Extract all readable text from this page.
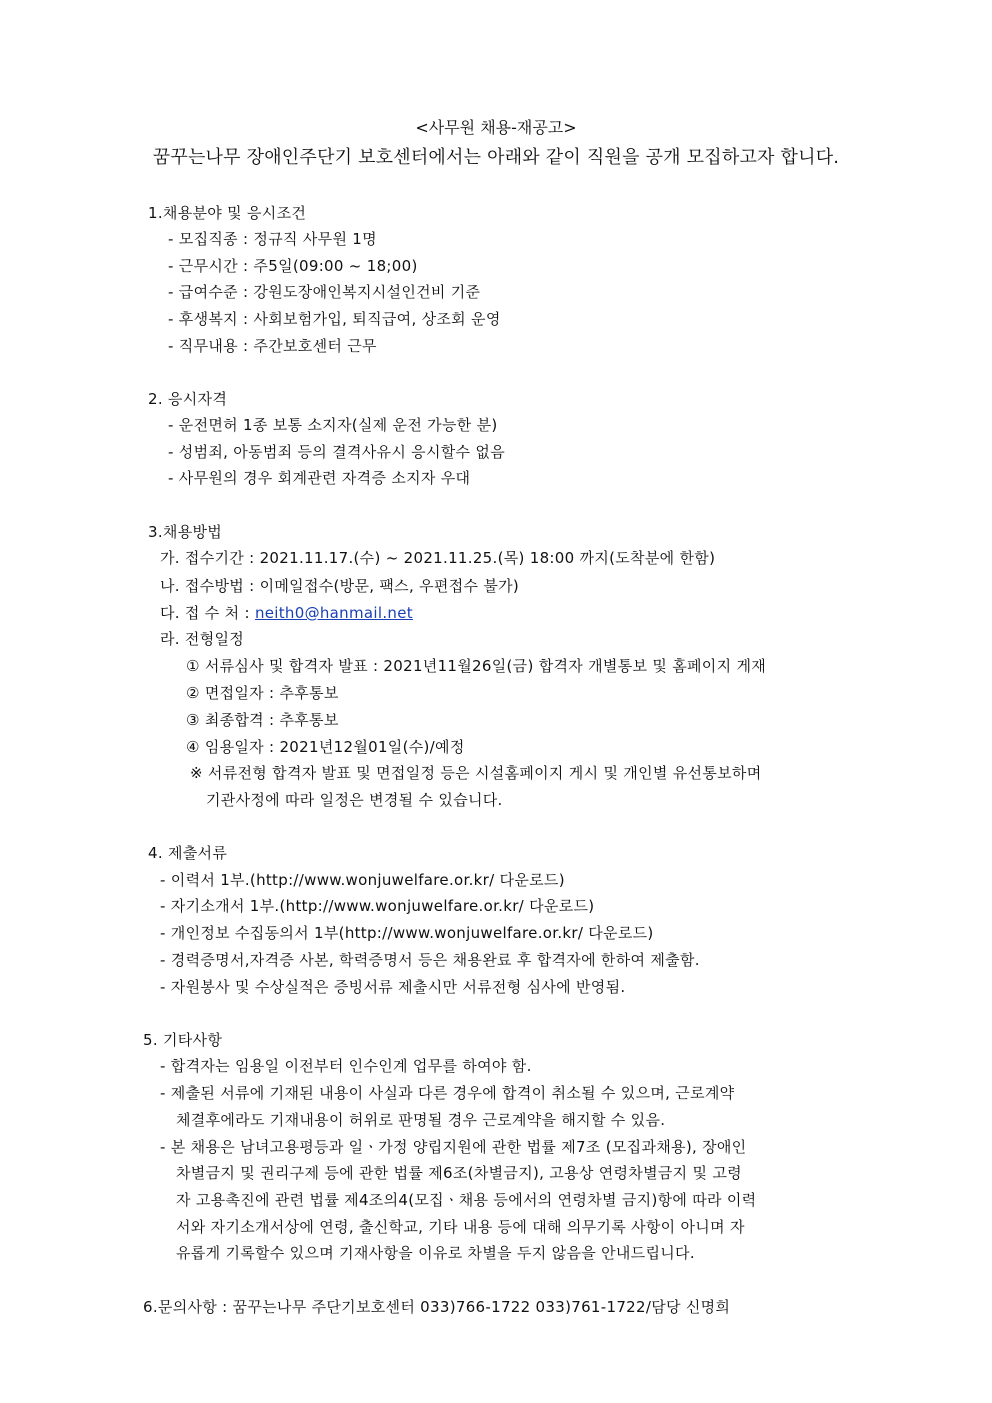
<사무원 채용-재공고>
꿈꾸는나무 장애인주단기 보호센터에서는 아래와 같이 직원을 공개 모집하고자 합니다.
1.채용분야 및 응시조건
- 모집직종 : 정규직 사무원 1명
- 근무시간 : 주5일(09:00 ~ 18;00)
- 급여수준 : 강원도장애인복지시설인건비 기준
- 후생복지 : 사회보험가입, 퇴직급여, 상조회 운영
- 직무내용 : 주간보호센터 근무
2. 응시자격
- 운전면허 1종 보통 소지자(실제 운전 가능한 분)
- 성범죄, 아동범죄 등의 결격사유시 응시할수 없음
- 사무원의 경우 회계관련 자격증 소지자 우대
3.채용방법
가. 접수기간 : 2021.11.17.(수) ~ 2021.11.25.(목) 18:00 까지(도착분에 한함)
나. 접수방법 : 이메일접수(방문, 팩스, 우편접수 불가)
다. 접 수 처 : neith0@hanmail.net
라. 전형일정
① 서류심사 및 합격자 발표 : 2021년11월26일(금) 합격자 개별통보 및 홈페이지 게재
② 면접일자 : 추후통보
③ 최종합격 : 추후통보
④ 임용일자 : 2021년12월01일(수)/예정
※ 서류전형 합격자 발표 및 면접일정 등은 시설홈페이지 게시 및 개인별 유선통보하며
기관사정에 따라 일정은 변경될 수 있습니다.
4. 제출서류
- 이력서 1부.(http://www.wonjuwelfare.or.kr/ 다운로드)
- 자기소개서 1부.(http://www.wonjuwelfare.or.kr/ 다운로드)
- 개인정보 수집동의서 1부(http://www.wonjuwelfare.or.kr/ 다운로드)
- 경력증명서,자격증 사본, 학력증명서 등은 채용완료 후 합격자에 한하여 제출함.
- 자원봉사 및 수상실적은 증빙서류 제출시만 서류전형 심사에 반영됨.
5. 기타사항
- 합격자는 임용일 이전부터 인수인계 업무를 하여야 함.
- 제출된 서류에 기재된 내용이 사실과 다른 경우에 합격이 취소될 수 있으며, 근로계약
체결후에라도 기재내용이 허위로 판명될 경우 근로계약을 해지할 수 있음.
- 본 채용은 남녀고용평등과 일ㆍ가정 양립지원에 관한 법률 제7조 (모집과채용), 장애인
차별금지 및 권리구제 등에 관한 법률 제6조(차별금지), 고용상 연령차별금지 및 고령
자 고용촉진에 관련 법률 제4조의4(모집ㆍ채용 등에서의 연령차별 금지)항에 따라 이력
서와 자기소개서상에 연령, 출신학교, 기타 내용 등에 대해 의무기록 사항이 아니며 자
유롭게 기록할수 있으며 기재사항을 이유로 차별을 두지 않음을 안내드립니다.
6.문의사항 : 꿈꾸는나무 주단기보호센터 033)766-1722 033)761-1722/담당 신명희
